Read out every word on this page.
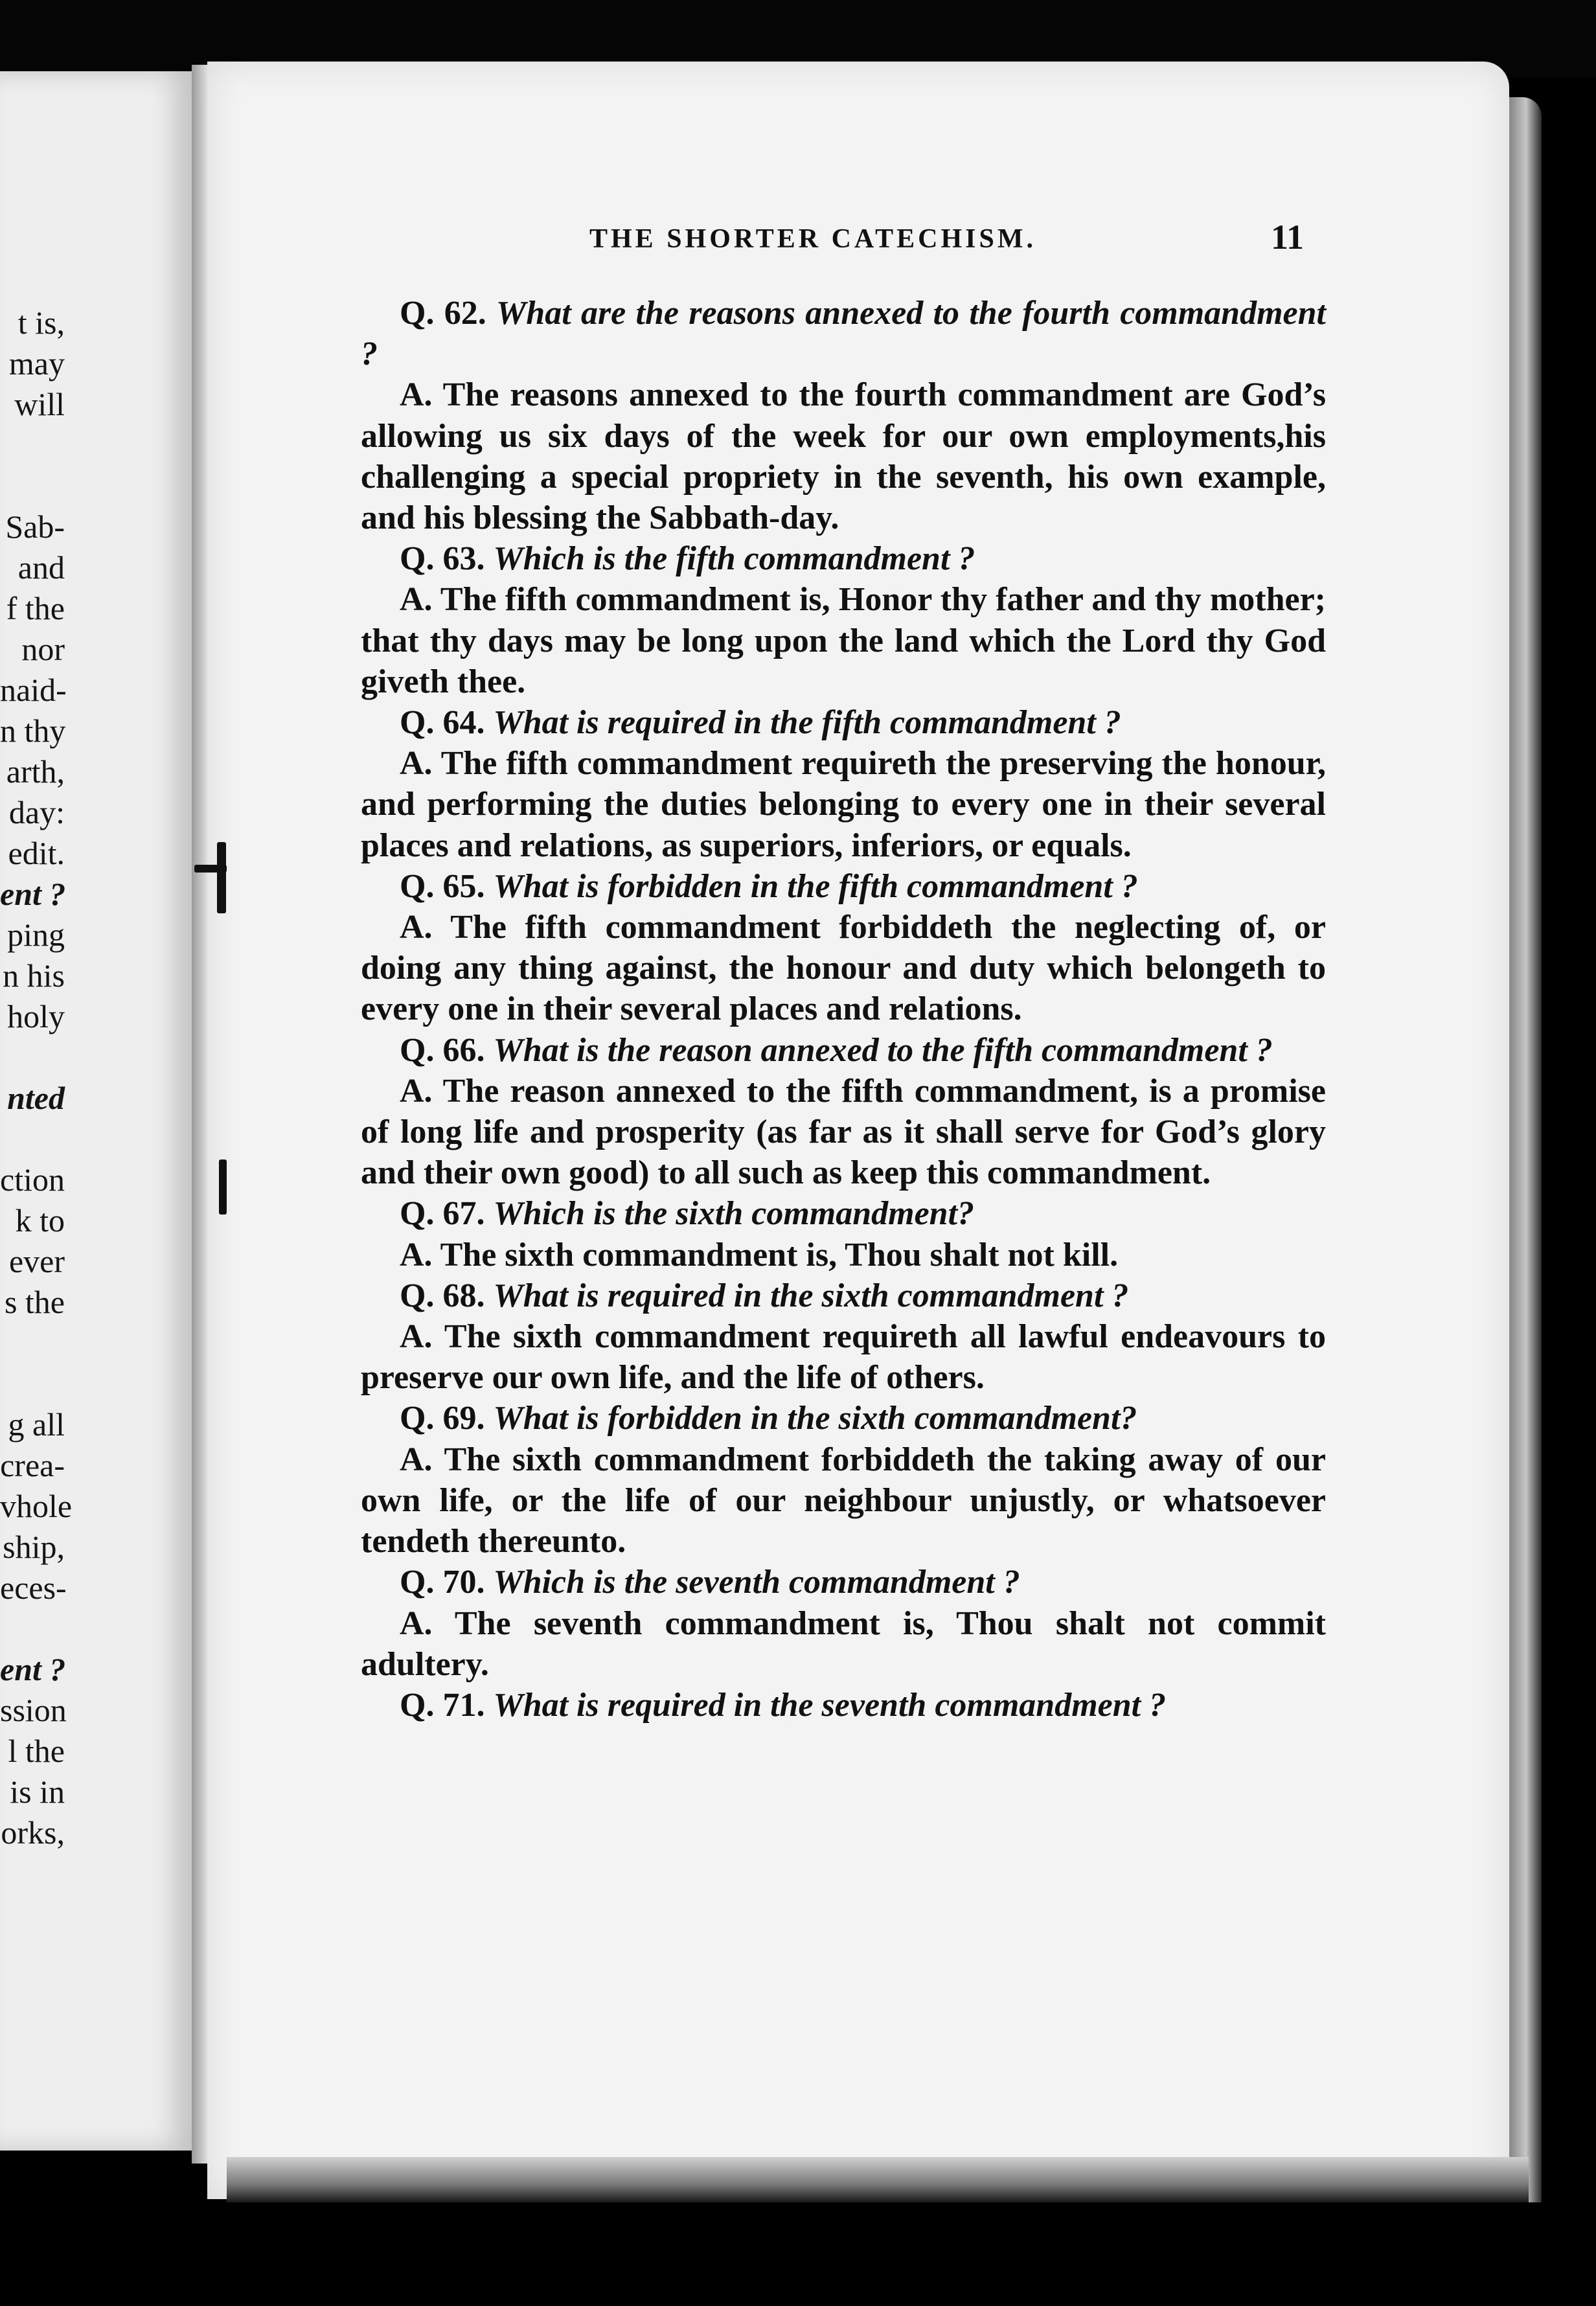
t is,
may
will
Sab-
and
f the
nor
naid-
n thy
arth,
day:
edit.
ent ?
ping
n his
holy
nted
ction
k to
ever
s the
g all
crea-
vhole
ship,
eces-
ent ?
ssion
l the
is in
orks,
THE SHORTER CATECHISM.	11

Q. 62. What are the reasons annexed to the fourth commandment ?

A. The reasons annexed to the fourth commandment are God’s allowing us six days of the week for our own employments,his challenging a special propriety in the seventh, his own example, and his blessing the Sabbath-day.

Q. 63. Which is the fifth commandment ?

A. The fifth commandment is, Honor thy father and thy mother; that thy days may be long upon the land which the Lord thy God giveth thee.

Q. 64. What is required in the fifth commandment ?

A. The fifth commandment requireth the preserving the honour, and performing the duties belonging to every one in their several places and relations, as superiors, inferiors, or equals.

Q. 65. What is forbidden in the fifth commandment ?

A. The fifth commandment forbiddeth the neglecting of, or doing any thing against, the honour and duty which belongeth to every one in their several places and relations.

Q. 66. What is the reason annexed to the fifth commandment ?

A. The reason annexed to the fifth commandment, is a promise of long life and prosperity (as far as it shall serve for God’s glory and their own good) to all such as keep this commandment.

Q. 67. Which is the sixth commandment?

A. The sixth commandment is, Thou shalt not kill.

Q. 68. What is required in the sixth commandment ?

A. The sixth commandment requireth all lawful endeavours to preserve our own life, and the life of others.

Q. 69. What is forbidden in the sixth commandment?

A. The sixth commandment forbiddeth the taking away of our own life, or the life of our neighbour unjustly, or whatsoever tendeth thereunto.

Q. 70. Which is the seventh commandment ?

A. The seventh commandment is, Thou shalt not commit adultery.

Q. 71. What is required in the seventh commandment ?
